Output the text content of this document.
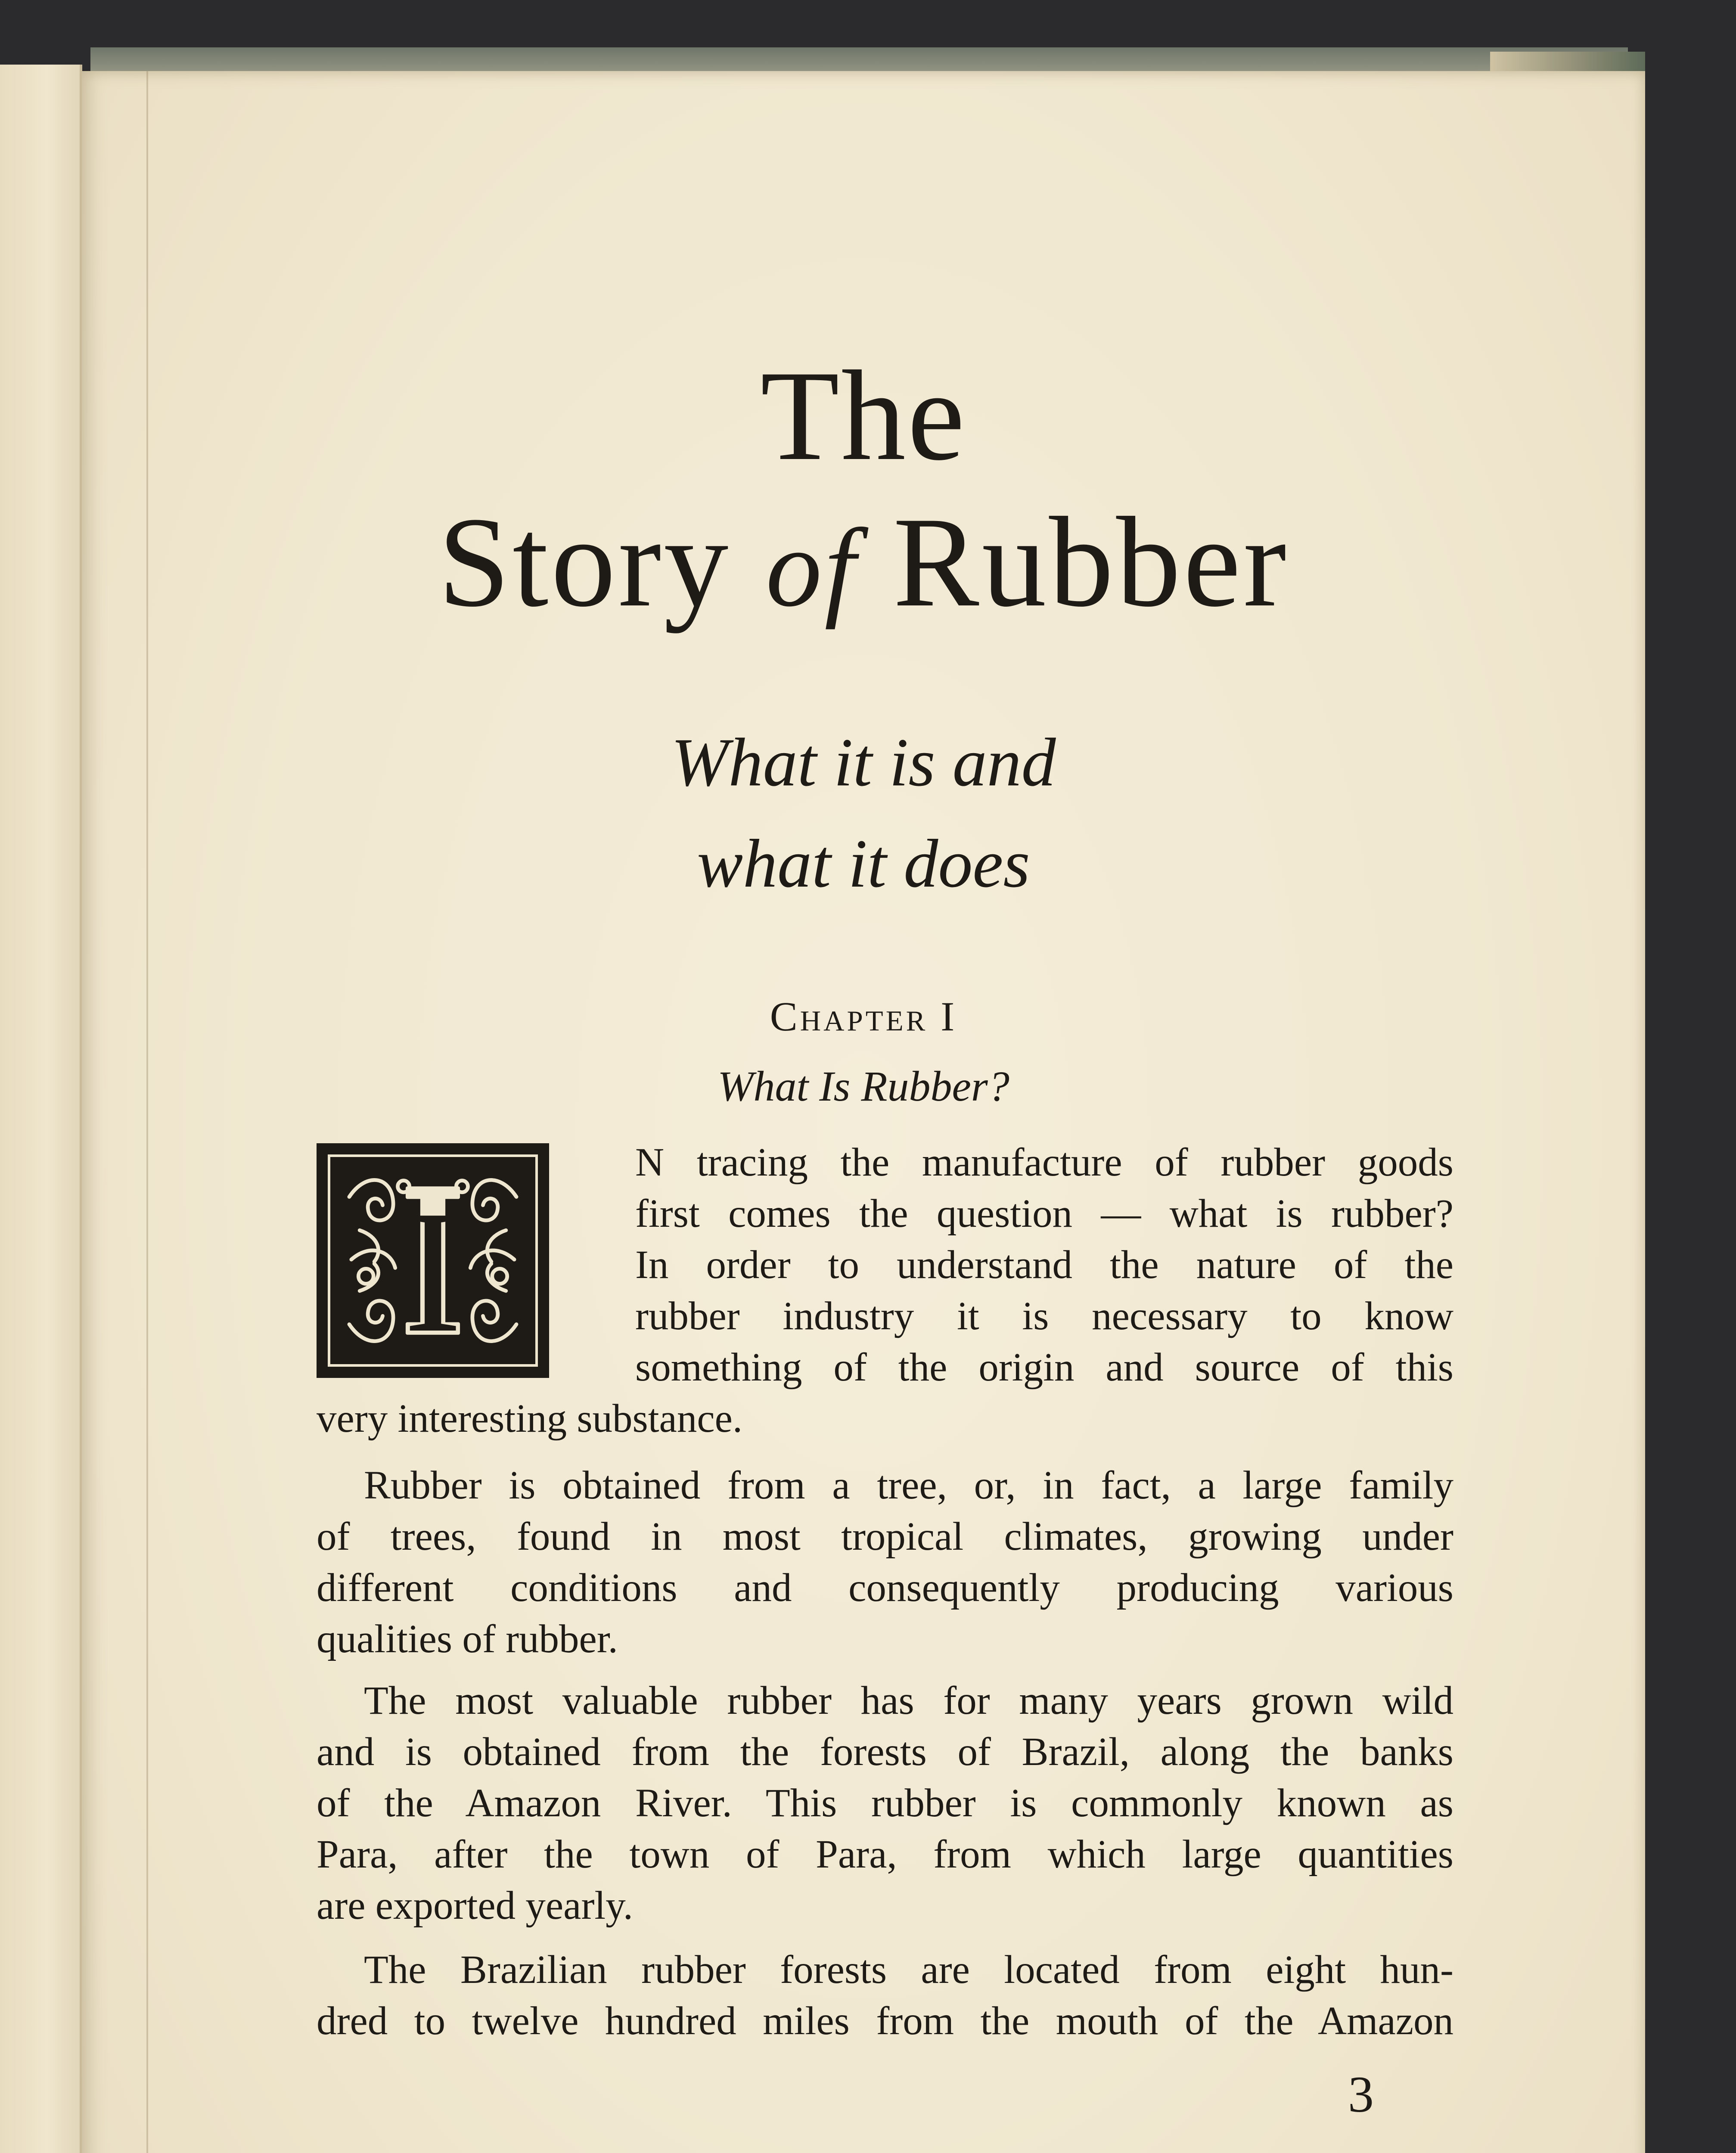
The
Story of Rubber
What it is and
what it does
Chapter I
What Is Rubber?
I
N tracing the manufacture of rubber goods
first comes the question — what is rubber?
In order to understand the nature of the
rubber industry it is necessary to know
something of the origin and source of this
very interesting substance.
Rubber is obtained from a tree, or, in fact, a large family
of trees, found in most tropical climates, growing under
different conditions and consequently producing various
qualities of rubber.
The most valuable rubber has for many years grown wild
and is obtained from the forests of Brazil, along the banks
of the Amazon River. This rubber is commonly known as
Para, after the town of Para, from which large quantities
are exported yearly.
The Brazilian rubber forests are located from eight hun-
dred to twelve hundred miles from the mouth of the Amazon
3
